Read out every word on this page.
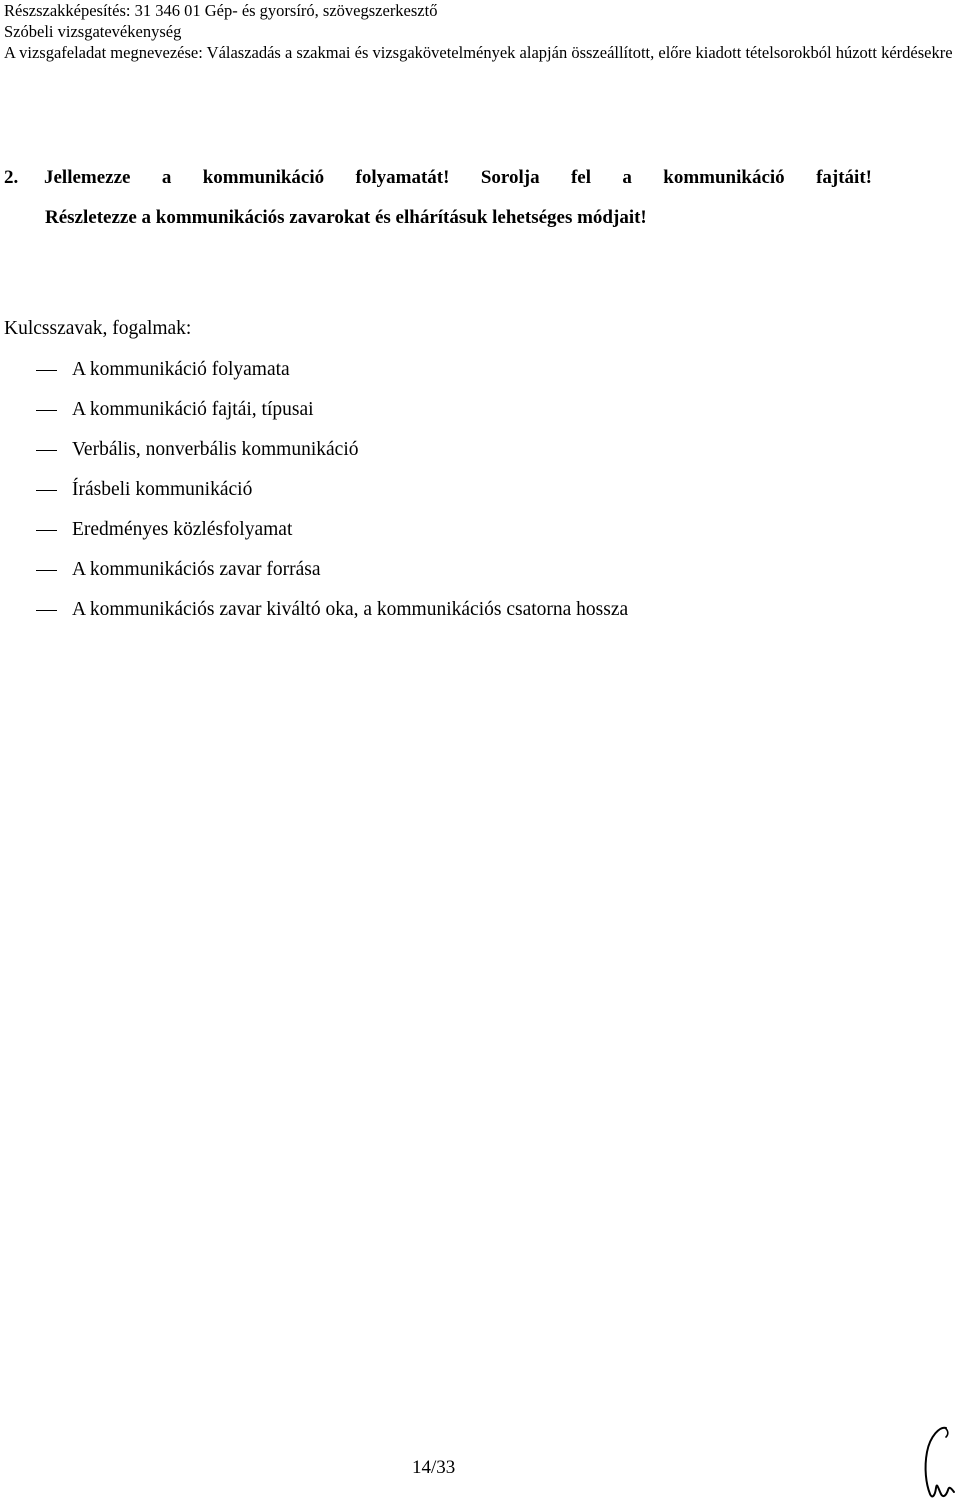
Részszakképesítés: 31 346 01 Gép- és gyorsíró, szövegszerkesztő
Szóbeli vizsgatevékenység
A vizsgafeladat megnevezése: Válaszadás a szakmai és vizsgakövetelmények alapján összeállított, előre kiadott tételsorokból húzott kérdésekre
2.	Jellemezze a kommunikáció folyamatát! Sorolja fel a kommunikáció fajtáit!
Részletezze a kommunikációs zavarokat és elhárításuk lehetséges módjait!
Kulcsszavak, fogalmak:
A kommunikáció folyamata
A kommunikáció fajtái, típusai
Verbális, nonverbális kommunikáció
Írásbeli kommunikáció
Eredményes közlésfolyamat
A kommunikációs zavar forrása
A kommunikációs zavar kiváltó oka, a kommunikációs csatorna hossza
14/33
